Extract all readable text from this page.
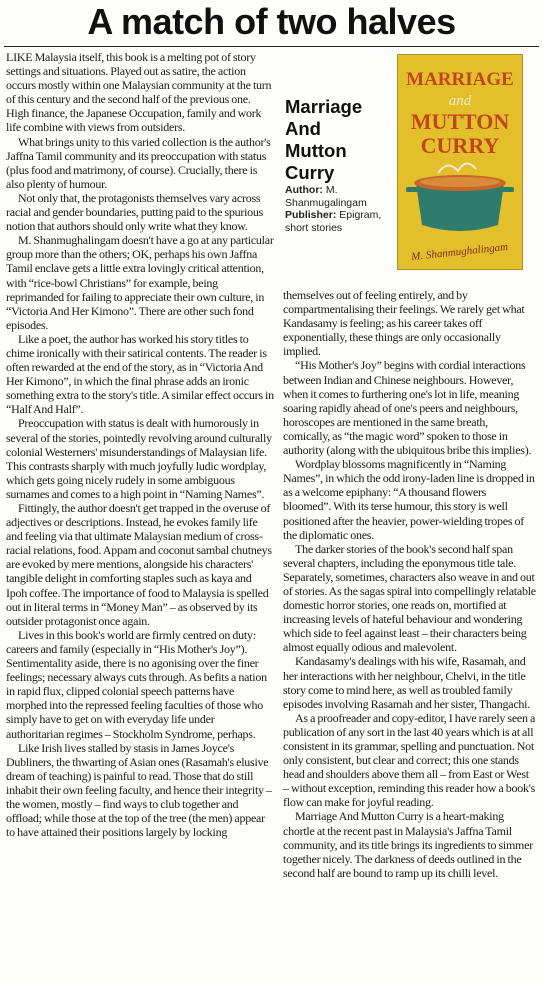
A match of two halves

LIKE Malaysia itself, this book is a melting pot of story settings and situations. Played out as satire, the action occurs mostly within one Malaysian community at the turn of this century and the second half of the previous one. High finance, the Japanese Occupation, family and work life combine with views from outsiders.

What brings unity to this varied collection is the author's Jaffna Tamil community and its preoccupation with status (plus food and matrimony, of course). Crucially, there is also plenty of humour.

Not only that, the protagonists themselves vary across racial and gender boundaries, putting paid to the spurious notion that authors should only write what they know.

M. Shanmughalingam doesn't have a go at any particular group more than the others; OK, perhaps his own Jaffna Tamil enclave gets a little extra lovingly critical attention, with “rice-bowl Christians” for example, being reprimanded for failing to appreciate their own culture, in “Victoria And Her Kimono”. There are other such fond episodes.

Like a poet, the author has worked his story titles to chime ironically with their satirical contents. The reader is often rewarded at the end of the story, as in “Victoria And Her Kimono”, in which the final phrase adds an ironic something extra to the story's title. A similar effect occurs in “Half And Half”.

Preoccupation with status is dealt with humorously in several of the stories, pointedly revolving around culturally colonial Westerners' misunderstandings of Malaysian life. This contrasts sharply with much joyfully ludic wordplay, which gets going nicely rudely in some ambiguous surnames and comes to a high point in “Naming Names”.

Fittingly, the author doesn't get trapped in the overuse of adjectives or descriptions. Instead, he evokes family life and feeling via that ultimate Malaysian medium of cross-racial relations, food. Appam and coconut sambal chutneys are evoked by mere mentions, alongside his characters' tangible delight in comforting staples such as kaya and Ipoh coffee. The importance of food to Malaysia is spelled out in literal terms in “Money Man” – as observed by its outsider protagonist once again.

Lives in this book's world are firmly centred on duty: careers and family (especially in “His Mother's Joy”). Sentimentality aside, there is no agonising over the finer feelings; necessary always cuts through. As befits a nation in rapid flux, clipped colonial speech patterns have morphed into the repressed feeling faculties of those who simply have to get on with everyday life under authoritarian regimes – Stockholm Syndrome, perhaps.

Like Irish lives stalled by stasis in James Joyce's Dubliners, the thwarting of Asian ones (Rasamah's elusive dream of teaching) is painful to read. Those that do still inhabit their own feeling faculty, and hence their integrity – the women, mostly – find ways to club together and offload; while those at the top of the tree (the men) appear to have attained their positions largely by locking

Marriage

And

Mutton

Curry

Author: M. Shanmugalingam

Publisher: Epigram, short stories

MARRIAGE
and
MUTTON
CURRY
M. Shanmughalingam

themselves out of feeling entirely, and by compartmentalising their feelings. We rarely get what Kandasamy is feeling; as his career takes off exponentially, these things are only occasionally implied.

“His Mother's Joy” begins with cordial interactions between Indian and Chinese neighbours. However, when it comes to furthering one's lot in life, meaning soaring rapidly ahead of one's peers and neighbours, horoscopes are mentioned in the same breath, comically, as “the magic word” spoken to those in authority (along with the ubiquitous bribe this implies).

Wordplay blossoms magnificently in “Naming Names”, in which the odd irony-laden line is dropped in as a welcome epiphany: “A thousand flowers bloomed”. With its terse humour, this story is well positioned after the heavier, power-wielding tropes of the diplomatic ones.

The darker stories of the book's second half span several chapters, including the eponymous title tale. Separately, sometimes, characters also weave in and out of stories. As the sagas spiral into compellingly relatable domestic horror stories, one reads on, mortified at increasing levels of hateful behaviour and wondering which side to feel against least – their characters being almost equally odious and malevolent.

Kandasamy's dealings with his wife, Rasamah, and her interactions with her neighbour, Chelvi, in the title story come to mind here, as well as troubled family episodes involving Rasamah and her sister, Thangachi.

As a proofreader and copy-editor, I have rarely seen a publication of any sort in the last 40 years which is at all consistent in its grammar, spelling and punctuation. Not only consistent, but clear and correct; this one stands head and shoulders above them all – from East or West – without exception, reminding this reader how a book's flow can make for joyful reading.

Marriage And Mutton Curry is a heart-making chortle at the recent past in Malaysia's Jaffna Tamil community, and its title brings its ingredients to simmer together nicely. The darkness of deeds outlined in the second half are bound to ramp up its chilli level.
